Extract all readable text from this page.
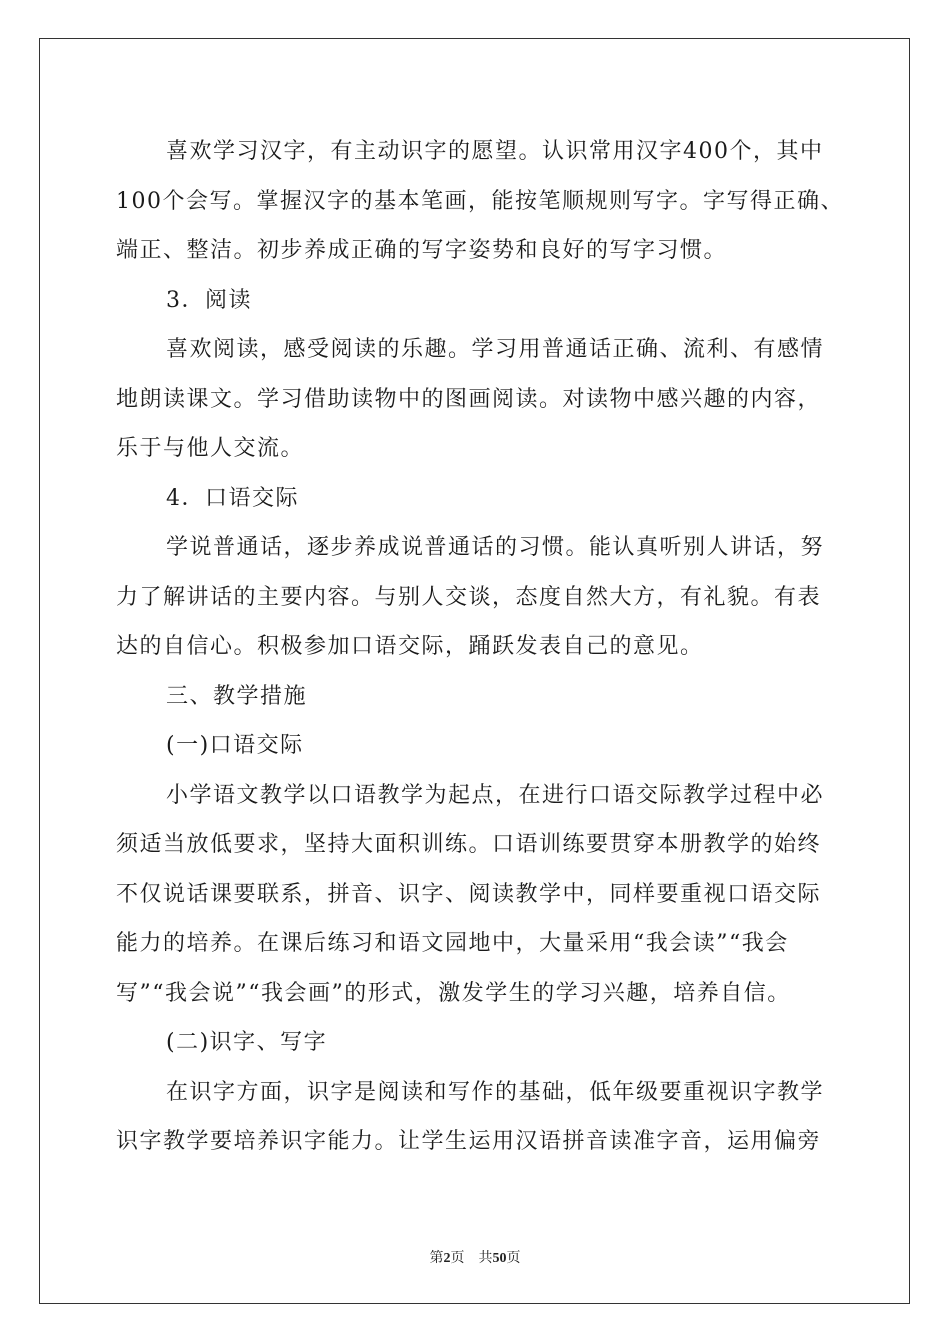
喜欢学习汉字，有主动识字的愿望。认识常用汉字400个，其中
100个会写。掌握汉字的基本笔画，能按笔顺规则写字。字写得正确、
端正、整洁。初步养成正确的写字姿势和良好的写字习惯。
3．阅读
喜欢阅读，感受阅读的乐趣。学习用普通话正确、流利、有感情
地朗读课文。学习借助读物中的图画阅读。对读物中感兴趣的内容，
乐于与他人交流。
4．口语交际
学说普通话，逐步养成说普通话的习惯。能认真听别人讲话，努
力了解讲话的主要内容。与别人交谈，态度自然大方，有礼貌。有表
达的自信心。积极参加口语交际，踊跃发表自己的意见。
三、教学措施
(一)口语交际
小学语文教学以口语教学为起点，在进行口语交际教学过程中必
须适当放低要求，坚持大面积训练。口语训练要贯穿本册教学的始终
不仅说话课要联系，拼音、识字、阅读教学中，同样要重视口语交际
能力的培养。在课后练习和语文园地中，大量采用“我会读”“我会
写”“我会说”“我会画”的形式，激发学生的学习兴趣，培养自信。
(二)识字、写字
在识字方面，识字是阅读和写作的基础，低年级要重视识字教学
识字教学要培养识字能力。让学生运用汉语拼音读准字音，运用偏旁
第2页 共50页
